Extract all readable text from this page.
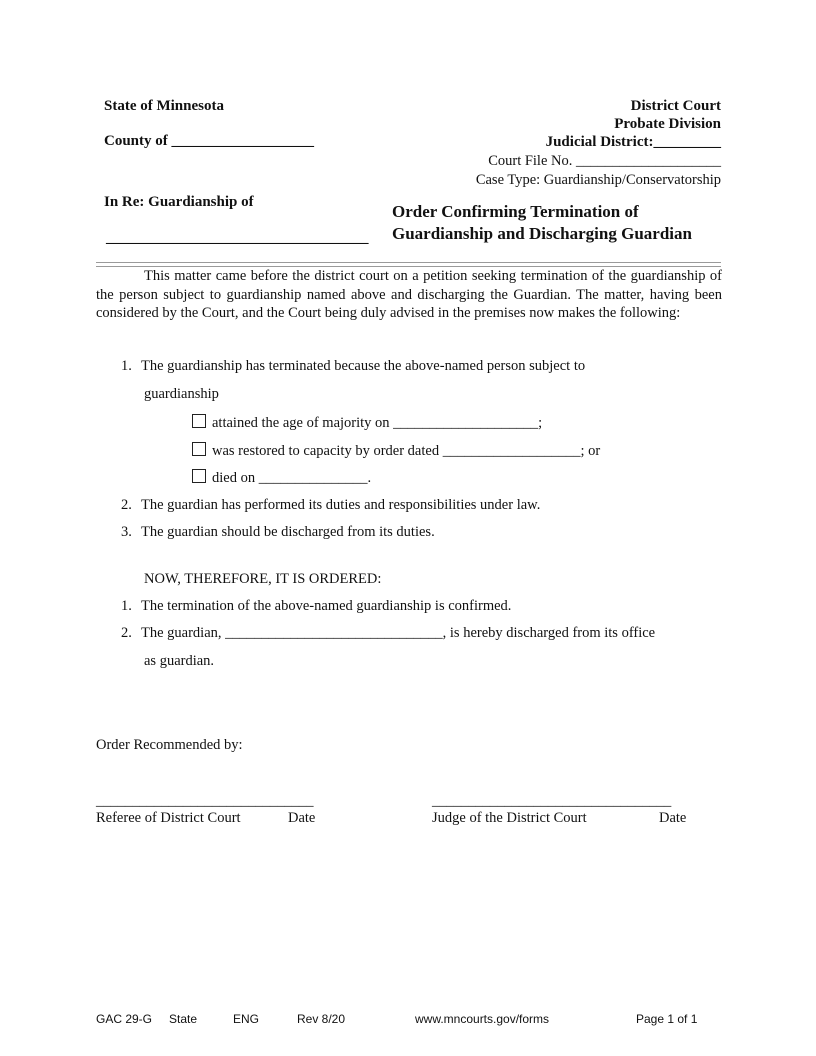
State of Minnesota
County of ___________________
In Re: Guardianship of
___________________________________
District Court
Probate Division
Judicial District:_________
Court File No. ____________________
Case Type: Guardianship/Conservatorship
Order Confirming Termination of
Guardianship and Discharging Guardian
This matter came before the district court on a petition seeking termination of the guardianship of the person subject to guardianship named above and discharging the Guardian. The matter, having been considered by the Court, and the Court being duly advised in the premises now makes the following:
1. The guardianship has terminated because the above-named person subject to
guardianship
attained the age of majority on ____________________;
was restored to capacity by order dated ___________________; or
died on _______________.
2. The guardian has performed its duties and responsibilities under law.
3. The guardian should be discharged from its duties.
NOW, THEREFORE, IT IS ORDERED:
1. The termination of the above-named guardianship is confirmed.
2. The guardian, ______________________________, is hereby discharged from its office
as guardian.
Order Recommended by:
______________________________
Referee of District Court	Date
_________________________________
Judge of the District Court	Date
GAC 29-G State	ENG	Rev 8/20	www.mncourts.gov/forms	Page 1 of 1
